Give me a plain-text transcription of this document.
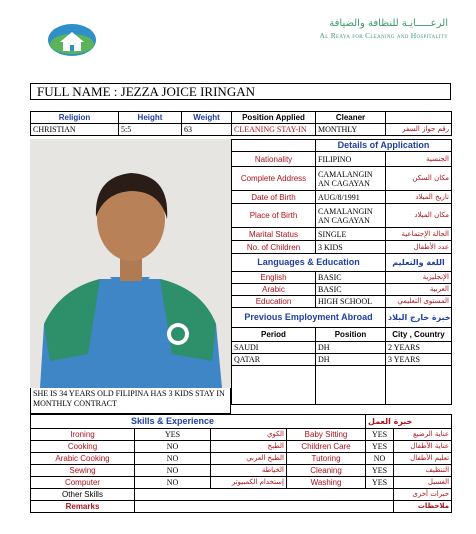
الرعـــــايـة للنظافة والضيافة
Al Reaya for Cleaning and Hospitality
FULL NAME : JEZZA JOICE IRINGAN
Religion	Height	Weight	Position Applied	Cleaner	
CHRISTIAN	5:5	63	CLEANING STAY-IN	MONTHLY	رقم جواز السفر
SHE IS 34 YEARS OLD FILIPINA HAS 3 KIDS STAY IN MONTHLY CONTRACT
	Details of Application	
Nationality	FILIPINO	الجنسية
Complete Address	CAMALANGIN AN CAGAYAN	مكان السكن
Date of Birth	AUG/8/1991	تاريخ الميلاد
Place of Birth	CAMALANGIN AN CAGAYAN	مكان الميلاد
Marital Status	SINGLE	الحالة الإجتماعية
No. of Children	3 KIDS	عدد الأطفال
Languages & Education		اللغة والتعليم
English	BASIC	الإنجليزية
Arabic	BASIC	العربية
Education	HIGH SCHOOL	المستوى التعليمي
Previous Employment Abroad		خبرة خارج البلاد
Period	Position	City , Country
SAUDI	DH	2 YEARS
QATAR	DH	3 YEARS

Skills & Experience				خبرة العمل	
Ironing	YES	الكوي	Baby Sitting	YES	عناية الرضيع
Cooking	NO	الطبخ	Children Care	YES	عناية الأطفال
Arabic Cooking	NO	الطبخ العربي	Tutoring	NO	تعليم الأطفال
Sewing	NO	الخياطة	Cleaning	YES	التنظيف
Computer	NO	إستخدام الكمبيوتر	Washing	YES	الغسيل
Other Skills					خبرات أخرى
Remarks					ملاحظات
